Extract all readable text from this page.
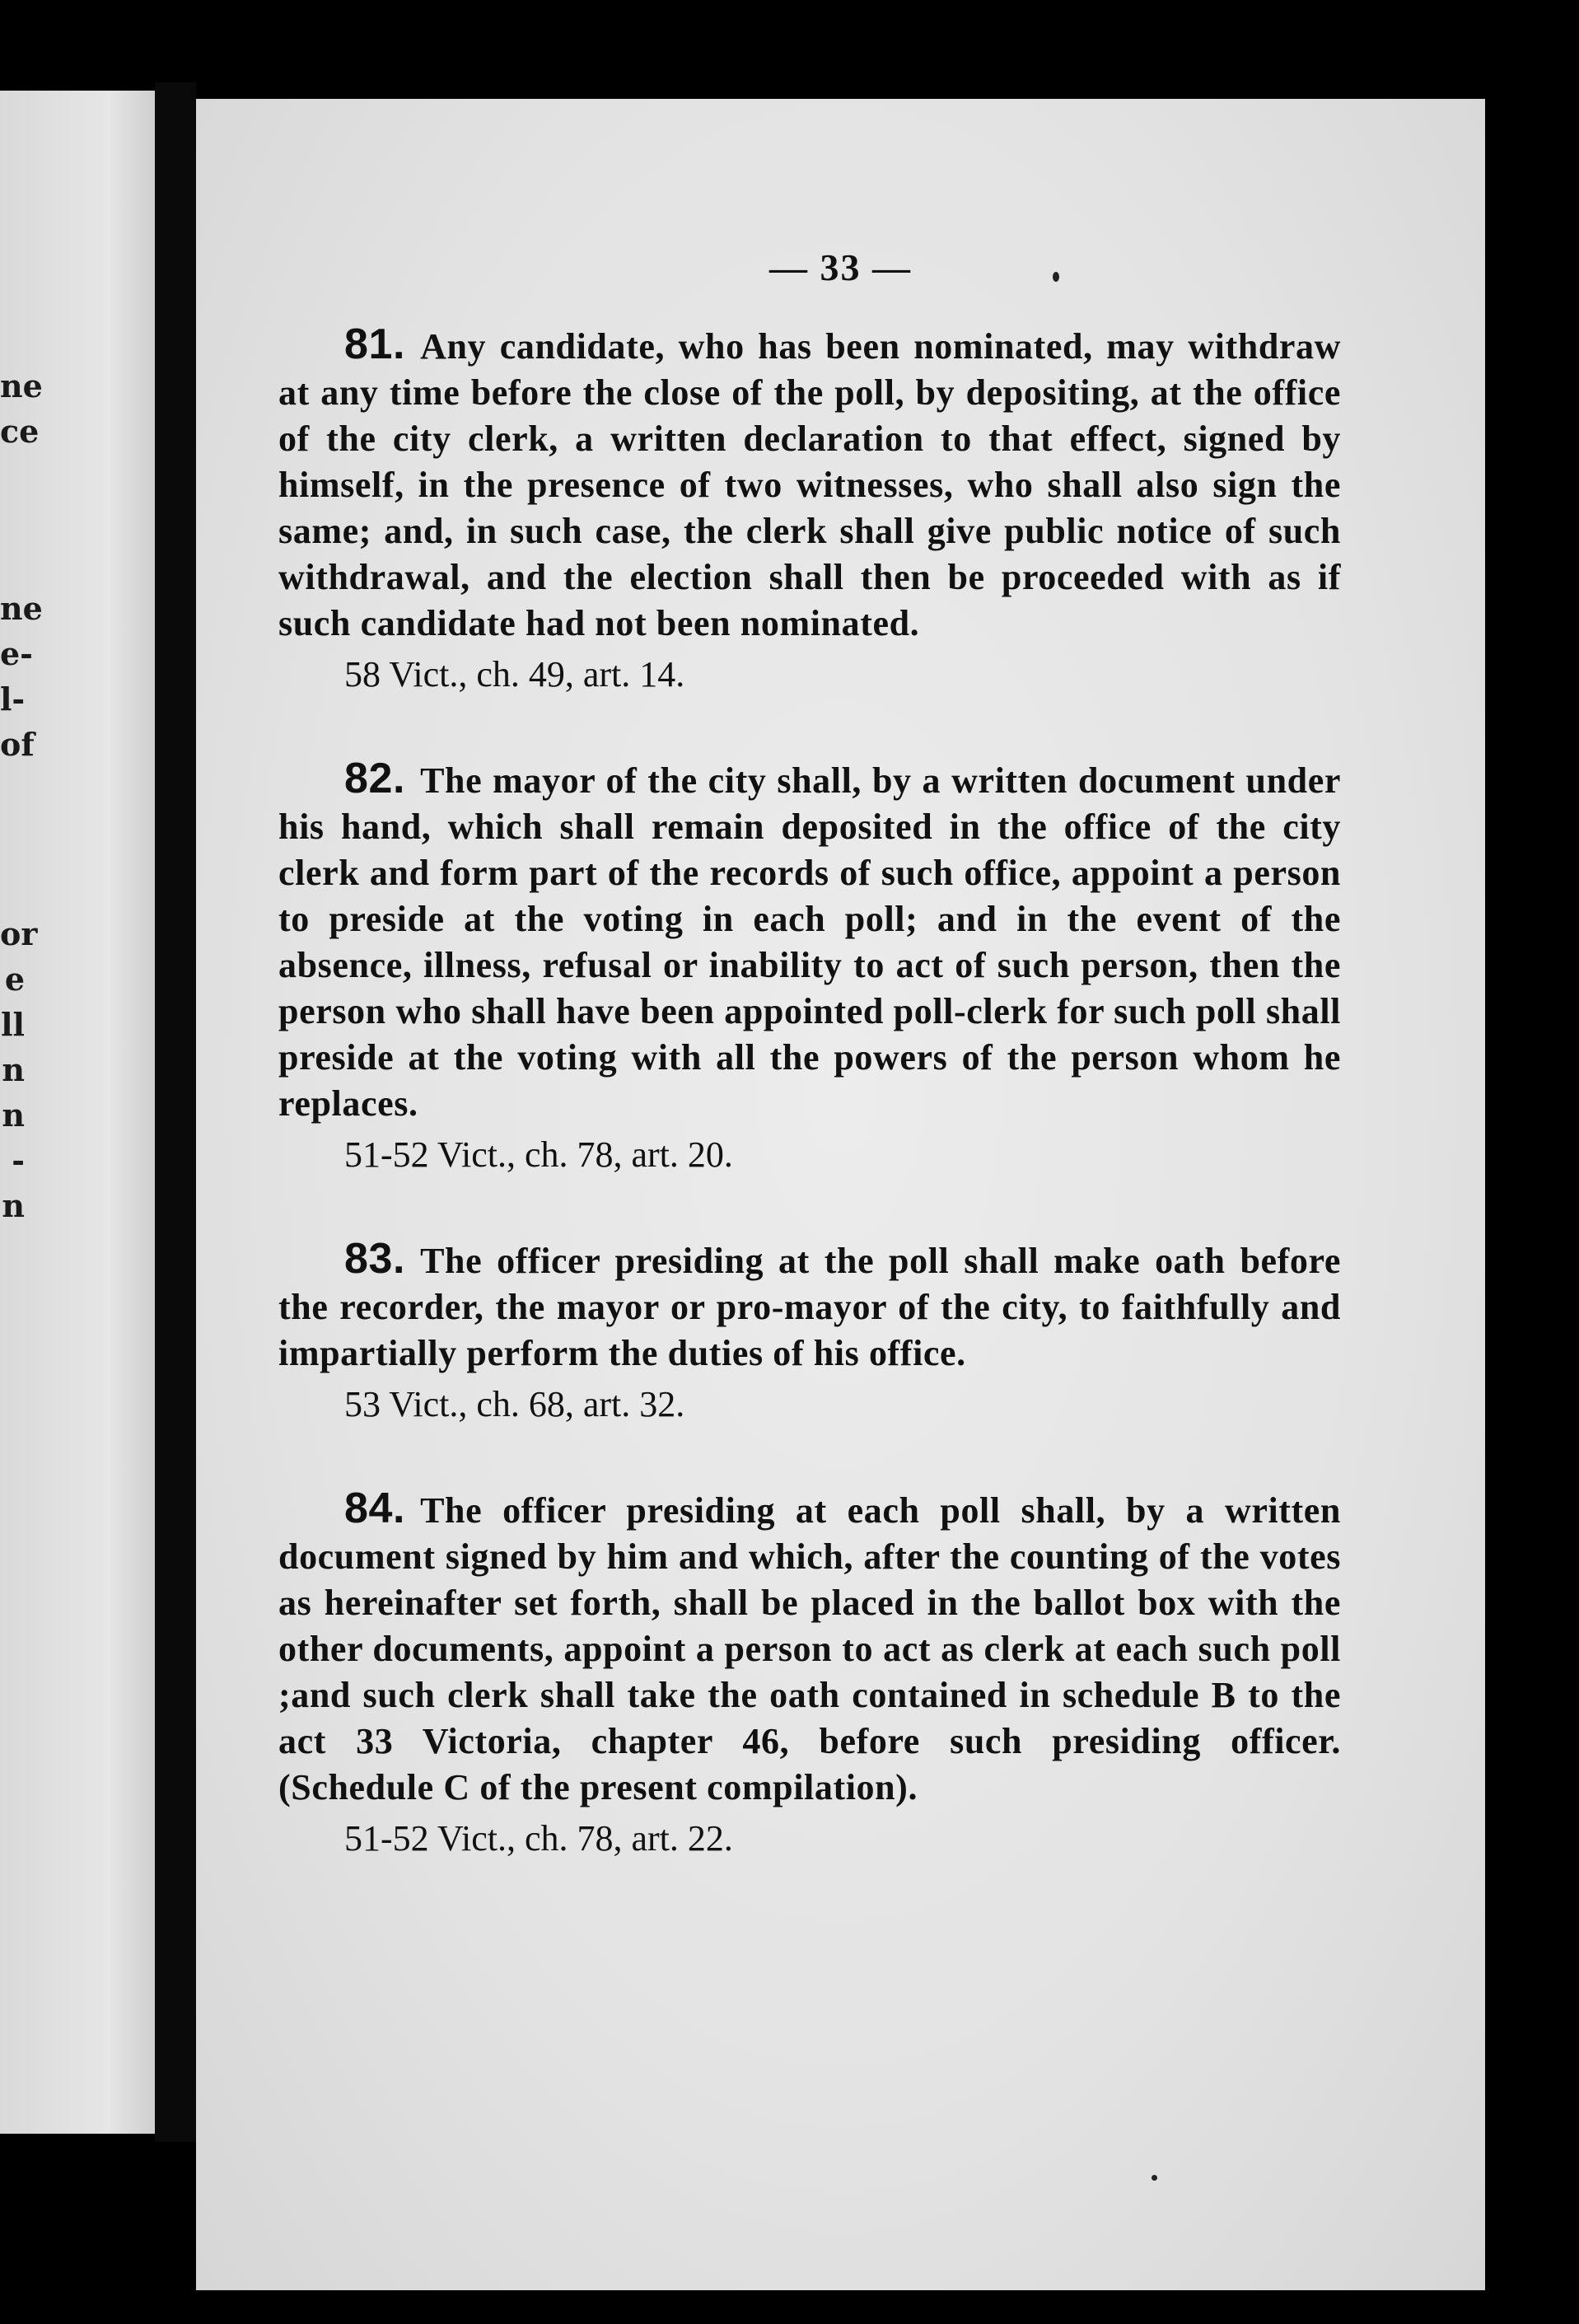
ne
ce
ne
e-
l-
of
or
e
ll
n
n
-
n
— 33 —

81. Any candidate, who has been nominated, may withdraw at any time before the close of the poll, by depositing, at the office of the city clerk, a written declaration to that effect, signed by himself, in the presence of two witnesses, who shall also sign the same; and, in such case, the clerk shall give public notice of such withdrawal, and the election shall then be proceeded with as if such candidate had not been nominated.

58 Vict., ch. 49, art. 14.

82. The mayor of the city shall, by a written document under his hand, which shall remain deposited in the office of the city clerk and form part of the records of such office, appoint a person to preside at the voting in each poll; and in the event of the absence, illness, refusal or inability to act of such person, then the person who shall have been appointed poll-clerk for such poll shall preside at the voting with all the powers of the person whom he replaces.

51-52 Vict., ch. 78, art. 20.

83. The officer presiding at the poll shall make oath before the recorder, the mayor or pro-mayor of the city, to faithfully and impartially perform the duties of his office.

53 Vict., ch. 68, art. 32.

84. The officer presiding at each poll shall, by a written document signed by him and which, after the counting of the votes as hereinafter set forth, shall be placed in the ballot box with the other documents, appoint a person to act as clerk at each such poll ;and such clerk shall take the oath contained in schedule B to the act 33 Victoria, chapter 46, before such presiding officer. (Schedule C of the present compilation).

51-52 Vict., ch. 78, art. 22.
